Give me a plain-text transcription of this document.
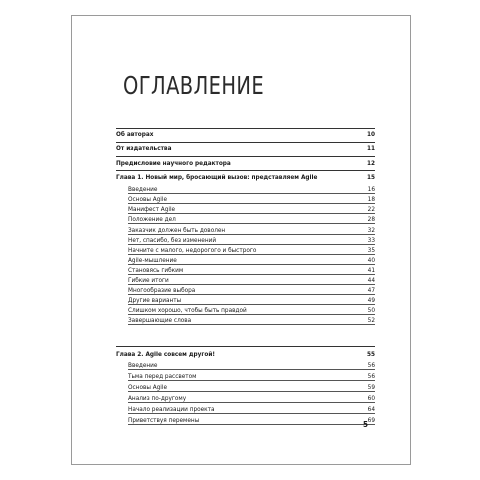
ОГЛАВЛЕНИЕ
Об авторах	10
От издательства	11
Предисловие научного редактора	12
Глава 1. Новый мир, бросающий вызов: представляем Agile	15
Введение	16
Основы Agile	18
Манифест Agile	22
Положение дел	28
Заказчик должен быть доволен	32
Нет, спасибо, без изменений	33
Начните с малого, недорогого и быстрого	35
Agile-мышление	40
Становясь гибким	41
Гибкие итоги	44
Многообразие выбора	47
Другие варианты	49
Слишком хорошо, чтобы быть правдой	50
Завершающие слова	52
Глава 2. Agile совсем другой!	55
Введение	56
Тьма перед рассветом	56
Основы Agile	59
Анализ по-другому	60
Начало реализации проекта	64
Приветствуя перемены	69
5
